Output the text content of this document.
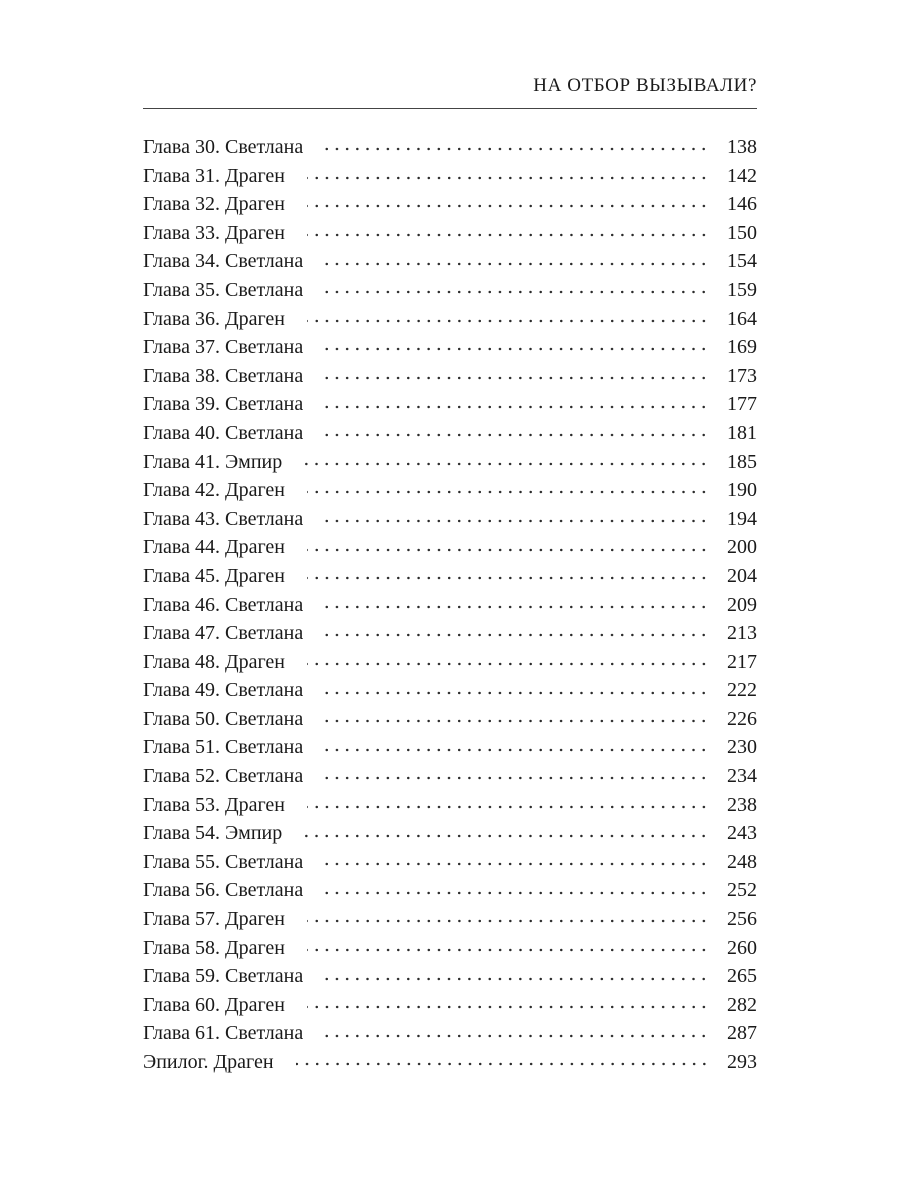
НА ОТБОР ВЫЗЫВАЛИ?
Глава 30. Светлана	138
Глава 31. Драген	142
Глава 32. Драген	146
Глава 33. Драген	150
Глава 34. Светлана	154
Глава 35. Светлана	159
Глава 36. Драген	164
Глава 37. Светлана	169
Глава 38. Светлана	173
Глава 39. Светлана	177
Глава 40. Светлана	181
Глава 41. Эмпир	185
Глава 42. Драген	190
Глава 43. Светлана	194
Глава 44. Драген	200
Глава 45. Драген	204
Глава 46. Светлана	209
Глава 47. Светлана	213
Глава 48. Драген	217
Глава 49. Светлана	222
Глава 50. Светлана	226
Глава 51. Светлана	230
Глава 52. Светлана	234
Глава 53. Драген	238
Глава 54. Эмпир	243
Глава 55. Светлана	248
Глава 56. Светлана	252
Глава 57. Драген	256
Глава 58. Драген	260
Глава 59. Светлана	265
Глава 60. Драген	282
Глава 61. Светлана	287
Эпилог. Драген	293
